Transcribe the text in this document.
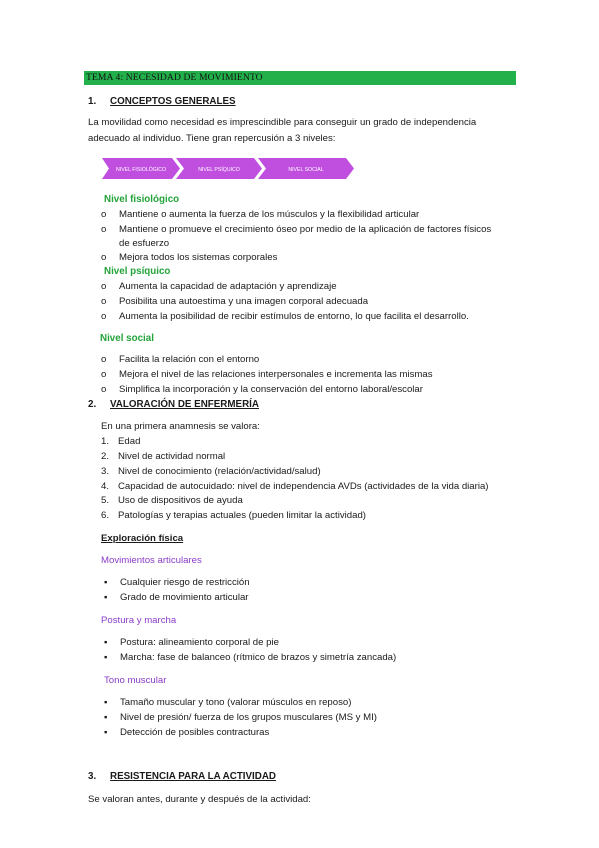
TEMA 4: NECESIDAD DE MOVIMIENTO
1. CONCEPTOS GENERALES
La movilidad como necesidad es imprescindible para conseguir un grado de independencia
adecuado al individuo. Tiene gran repercusión a 3 niveles:
NIVEL FISIOLÓGICO	NIVEL PSÍQUICO	NIVEL SOCIAL
Nivel fisiológico
o Mantiene o aumenta la fuerza de los músculos y la flexibilidad articular
o Mantiene o promueve el crecimiento óseo por medio de la aplicación de factores físicos
de esfuerzo
o Mejora todos los sistemas corporales
Nivel psíquico
o Aumenta la capacidad de adaptación y aprendizaje
o Posibilita una autoestima y una imagen corporal adecuada
o Aumenta la posibilidad de recibir estímulos de entorno, lo que facilita el desarrollo.
Nivel social
o Facilita la relación con el entorno
o Mejora el nivel de las relaciones interpersonales e incrementa las mismas
o Simplifica la incorporación y la conservación del entorno laboral/escolar
2. VALORACIÓN DE ENFERMERÍA
En una primera anamnesis se valora:
1. Edad
2. Nivel de actividad normal
3. Nivel de conocimiento (relación/actividad/salud)
4. Capacidad de autocuidado: nivel de independencia AVDs (actividades de la vida diaria)
5. Uso de dispositivos de ayuda
6. Patologías y terapias actuales (pueden limitar la actividad)
Exploración física
Movimientos articulares
▪ Cualquier riesgo de restricción
▪ Grado de movimiento articular
Postura y marcha
▪ Postura: alineamiento corporal de pie
▪ Marcha: fase de balanceo (rítmico de brazos y simetría zancada)
Tono muscular
▪ Tamaño muscular y tono (valorar músculos en reposo)
▪ Nivel de presión/ fuerza de los grupos musculares (MS y MI)
▪ Detección de posibles contracturas
3. RESISTENCIA PARA LA ACTIVIDAD
Se valoran antes, durante y después de la actividad:
